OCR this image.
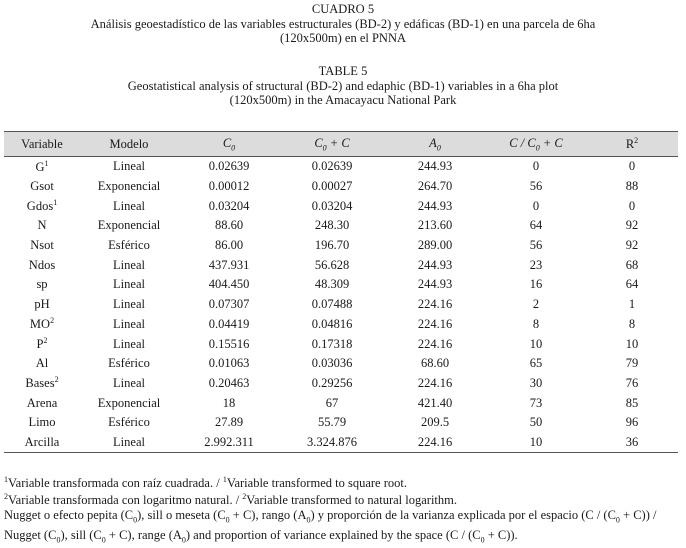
CUADRO 5
Análisis geoestadístico de las variables estructurales (BD-2) y edáficas (BD-1) en una parcela de 6ha
(120x500m) en el PNNA
TABLE 5
Geostatistical analysis of structural (BD-2) and edaphic (BD-1) variables in a 6ha plot
(120x500m) in the Amacayacu National Park
Variable	Modelo	$C_0$	$C_0 + C$	$A_0$	$C / C_0 + C$	$R^2$
$G^1$	Lineal	0.02639	0.02639	244.93	0	0
Gsot	Exponencial	0.00012	0.00027	264.70	56	88
Gdos$^1$	Lineal	0.03204	0.03204	244.93	0	0
N	Exponencial	88.60	248.30	213.60	64	92
Nsot	Esférico	86.00	196.70	289.00	56	92
Ndos	Lineal	437.931	56.628	244.93	23	68
sp	Lineal	404.450	48.309	244.93	16	64
pH	Lineal	0.07307	0.07488	224.16	2	1
$MO^2$	Lineal	0.04419	0.04816	224.16	8	8
$P^2$	Lineal	0.15516	0.17318	224.16	10	10
Al	Esférico	0.01063	0.03036	68.60	65	79
Bases$^2$	Lineal	0.20463	0.29256	224.16	30	76
Arena	Exponencial	18	67	421.40	73	85
Limo	Esférico	27.89	55.79	209.5	50	96
Arcilla	Lineal	2.992.311	3.324.876	224.16	10	36
$^1$Variable transformada con raíz cuadrada. / $^1$Variable transformed to square root.
$^2$Variable transformada con logaritmo natural. / $^2$Variable transformed to natural logarithm.
Nugget o efecto pepita $(C_0)$, sill o meseta $(C_0 + C)$, rango $(A_0)$ y proporción de la varianza explicada por el espacio $(C / (C_0 + C))$ / Nugget $(C_0)$, sill $(C_0 + C)$, range $(A_0)$ and proportion of variance explained by the space $(C / (C_0 + C))$.
